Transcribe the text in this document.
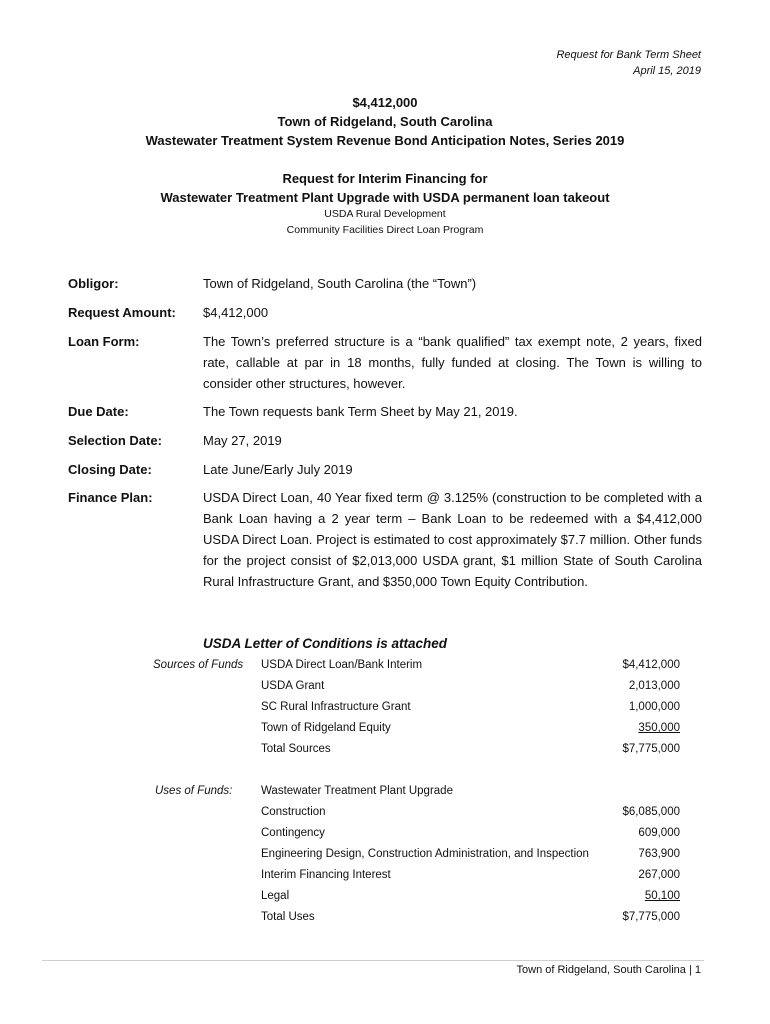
Request for Bank Term Sheet
April 15, 2019
$4,412,000
Town of Ridgeland, South Carolina
Wastewater Treatment System Revenue Bond Anticipation Notes, Series 2019
Request for Interim Financing for
Wastewater Treatment Plant Upgrade with USDA permanent loan takeout
USDA Rural Development
Community Facilities Direct Loan Program
Obligor:	Town of Ridgeland, South Carolina (the “Town”)
Request Amount: $4,412,000
Loan Form:	The Town’s preferred structure is a “bank qualified” tax exempt note, 2 years, fixed rate, callable at par in 18 months, fully funded at closing. The Town is willing to consider other structures, however.
Due Date:	The Town requests bank Term Sheet by May 21, 2019.
Selection Date:	May 27, 2019
Closing Date:	Late June/Early July 2019
Finance Plan:	USDA Direct Loan, 40 Year fixed term @ 3.125% (construction to be completed with a Bank Loan having a 2 year term – Bank Loan to be redeemed with a $4,412,000 USDA Direct Loan. Project is estimated to cost approximately $7.7 million. Other funds for the project consist of $2,013,000 USDA grant, $1 million State of South Carolina Rural Infrastructure Grant, and $350,000 Town Equity Contribution.
USDA Letter of Conditions is attached
Sources of Funds USDA Direct Loan/Bank Interim	$4,412,000
USDA Grant	2,013,000
SC Rural Infrastructure Grant	1,000,000
Town of Ridgeland Equity	350,000
Total Sources	$7,775,000
Uses of Funds: Wastewater Treatment Plant Upgrade
Construction	$6,085,000
Contingency	609,000
Engineering Design, Construction Administration, and Inspection	763,900
Interim Financing Interest	267,000
Legal	50,100
Total Uses	$7,775,000
Town of Ridgeland, South Carolina | 1
